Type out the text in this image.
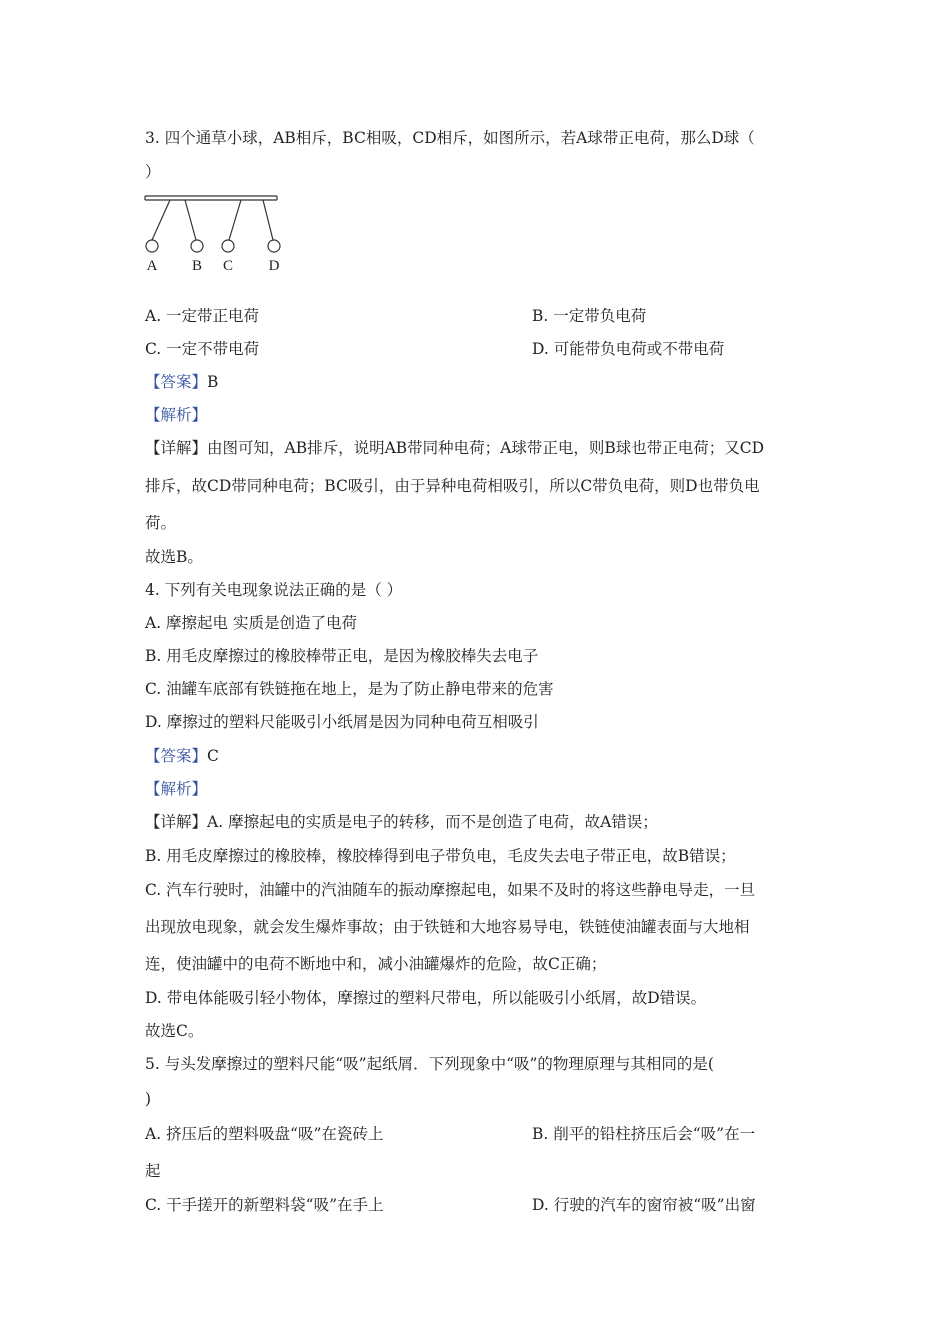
3. 四个通草小球，AB相斥，BC相吸，CD相斥，如图所示，若A球带正电荷，那么D球（
）
A B C D
A. 一定带正电荷	B. 一定带负电荷
C. 一定不带电荷	D. 可能带负电荷或不带电荷
【答案】B
【解析】
【详解】由图可知，AB排斥，说明AB带同种电荷；A球带正电，则B球也带正电荷；又CD
排斥，故CD带同种电荷；BC吸引，由于异种电荷相吸引，所以C带负电荷，则D也带负电
荷。
故选B。
4. 下列有关电现象说法正确的是（ ）
A. 摩擦起电 实质是创造了电荷
B. 用毛皮摩擦过的橡胶棒带正电，是因为橡胶棒失去电子
C. 油罐车底部有铁链拖在地上，是为了防止静电带来的危害
D. 摩擦过的塑料尺能吸引小纸屑是因为同种电荷互相吸引
【答案】C
【解析】
【详解】A. 摩擦起电的实质是电子的转移，而不是创造了电荷，故A错误；
B. 用毛皮摩擦过的橡胶棒，橡胶棒得到电子带负电，毛皮失去电子带正电，故B错误；
C. 汽车行驶时，油罐中的汽油随车的振动摩擦起电，如果不及时的将这些静电导走，一旦
出现放电现象，就会发生爆炸事故；由于铁链和大地容易导电，铁链使油罐表面与大地相
连，使油罐中的电荷不断地中和，减小油罐爆炸的危险，故C正确；
D. 带电体能吸引轻小物体，摩擦过的塑料尺带电，所以能吸引小纸屑，故D错误。
故选C。
5. 与头发摩擦过的塑料尺能“吸”起纸屑．下列现象中“吸”的物理原理与其相同的是(
)
A. 挤压后的塑料吸盘“吸”在瓷砖上	B. 削平的铅柱挤压后会“吸”在一
起
C. 干手搓开的新塑料袋“吸”在手上	D. 行驶的汽车的窗帘被“吸”出窗
